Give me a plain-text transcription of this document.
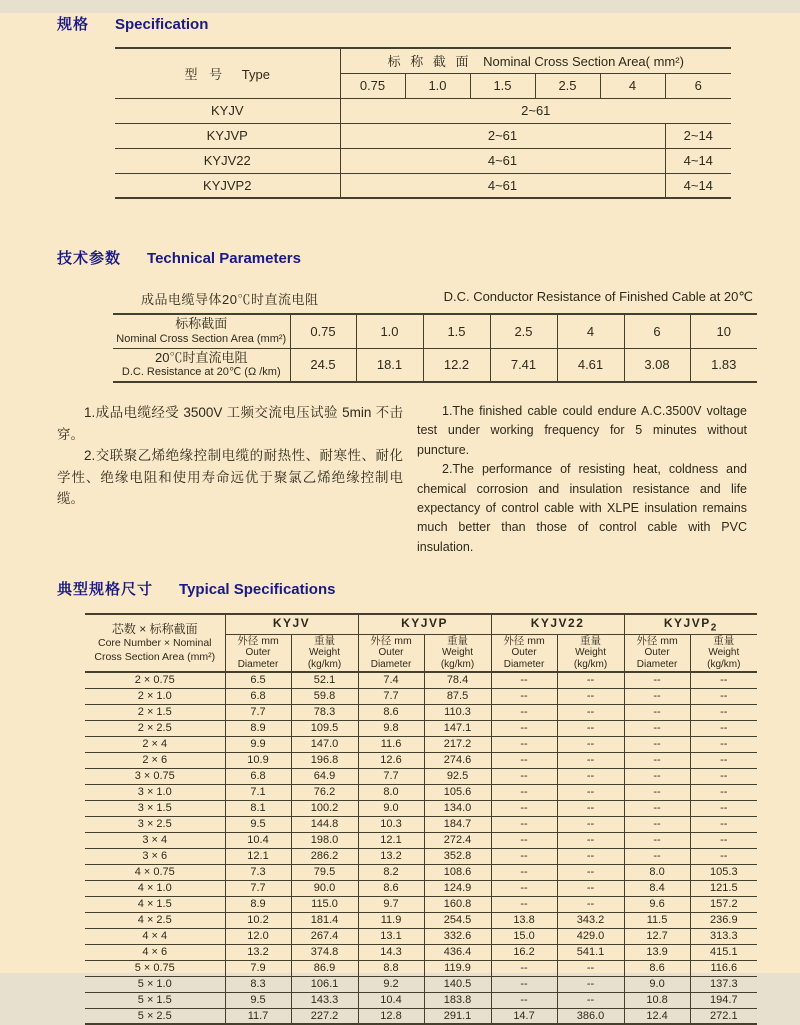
规格 Specification
型 号 Type	标 称 截 面 Nominal Cross Section Area( mm²)					
	0.75	1.0	1.5	2.5	4	6
KYJV	2~61					
KYJVP	2~61					2~14
KYJV22	4~61					4~14
KYJVP2	4~61					4~14
技术参数 Technical Parameters
成品电缆导体20℃时直流电阻	D.C. Conductor Resistance of Finished Cable at 20℃
标称截面
Nominal Cross Section Area (mm²)	0.75	1.0	1.5	2.5	4	6	10

20℃时直流电阻
D.C. Resistance at 20℃ (Ω /km)	24.5	18.1	12.2	7.41	4.61	3.08	1.83

1.成品电缆经受 3500V 工频交流电压试验 5min 不击穿。

2.交联聚乙烯绝缘控制电缆的耐热性、耐寒性、耐化学性、绝缘电阻和使用寿命远优于聚氯乙烯绝缘控制电缆。

1.The finished cable could endure A.C.3500V voltage test under working frequency for 5 minutes without puncture.

2.The performance of resisting heat, coldness and chemical corrosion and insulation resistance and life expectancy of control cable with XLPE insulation remains much better than those of control cable with PVC insulation.

典型规格尺寸 Typical Specifications
芯数 × 标称截面
Core Number × Nominal
Cross Section Area (mm²)	KYJV		KYJVP		KYJV22		$KYJVP_2$

	外径 mm
Outer Diameter	重量
Weight (kg/km)	外径 mm
Outer Diameter	重量
Weight (kg/km)	外径 mm
Outer Diameter	重量
Weight (kg/km)	外径 mm
Outer Diameter	重量
Weight (kg/km)

2 × 0.75	6.5	52.1	7.4	78.4	--	--	--	--
2 × 1.0	6.8	59.8	7.7	87.5	--	--	--	--
2 × 1.5	7.7	78.3	8.6	110.3	--	--	--	--
2 × 2.5	8.9	109.5	9.8	147.1	--	--	--	--
2 × 4	9.9	147.0	11.6	217.2	--	--	--	--
2 × 6	10.9	196.8	12.6	274.6	--	--	--	--
3 × 0.75	6.8	64.9	7.7	92.5	--	--	--	--
3 × 1.0	7.1	76.2	8.0	105.6	--	--	--	--
3 × 1.5	8.1	100.2	9.0	134.0	--	--	--	--
3 × 2.5	9.5	144.8	10.3	184.7	--	--	--	--
3 × 4	10.4	198.0	12.1	272.4	--	--	--	--
3 × 6	12.1	286.2	13.2	352.8	--	--	--	--
4 × 0.75	7.3	79.5	8.2	108.6	--	--	8.0	105.3
4 × 1.0	7.7	90.0	8.6	124.9	--	--	8.4	121.5
4 × 1.5	8.9	115.0	9.7	160.8	--	--	9.6	157.2
4 × 2.5	10.2	181.4	11.9	254.5	13.8	343.2	11.5	236.9
4 × 4	12.0	267.4	13.1	332.6	15.0	429.0	12.7	313.3
4 × 6	13.2	374.8	14.3	436.4	16.2	541.1	13.9	415.1
5 × 0.75	7.9	86.9	8.8	119.9	--	--	8.6	116.6
5 × 1.0	8.3	106.1	9.2	140.5	--	--	9.0	137.3
5 × 1.5	9.5	143.3	10.4	183.8	--	--	10.8	194.7
5 × 2.5	11.7	227.2	12.8	291.1	14.7	386.0	12.4	272.1
